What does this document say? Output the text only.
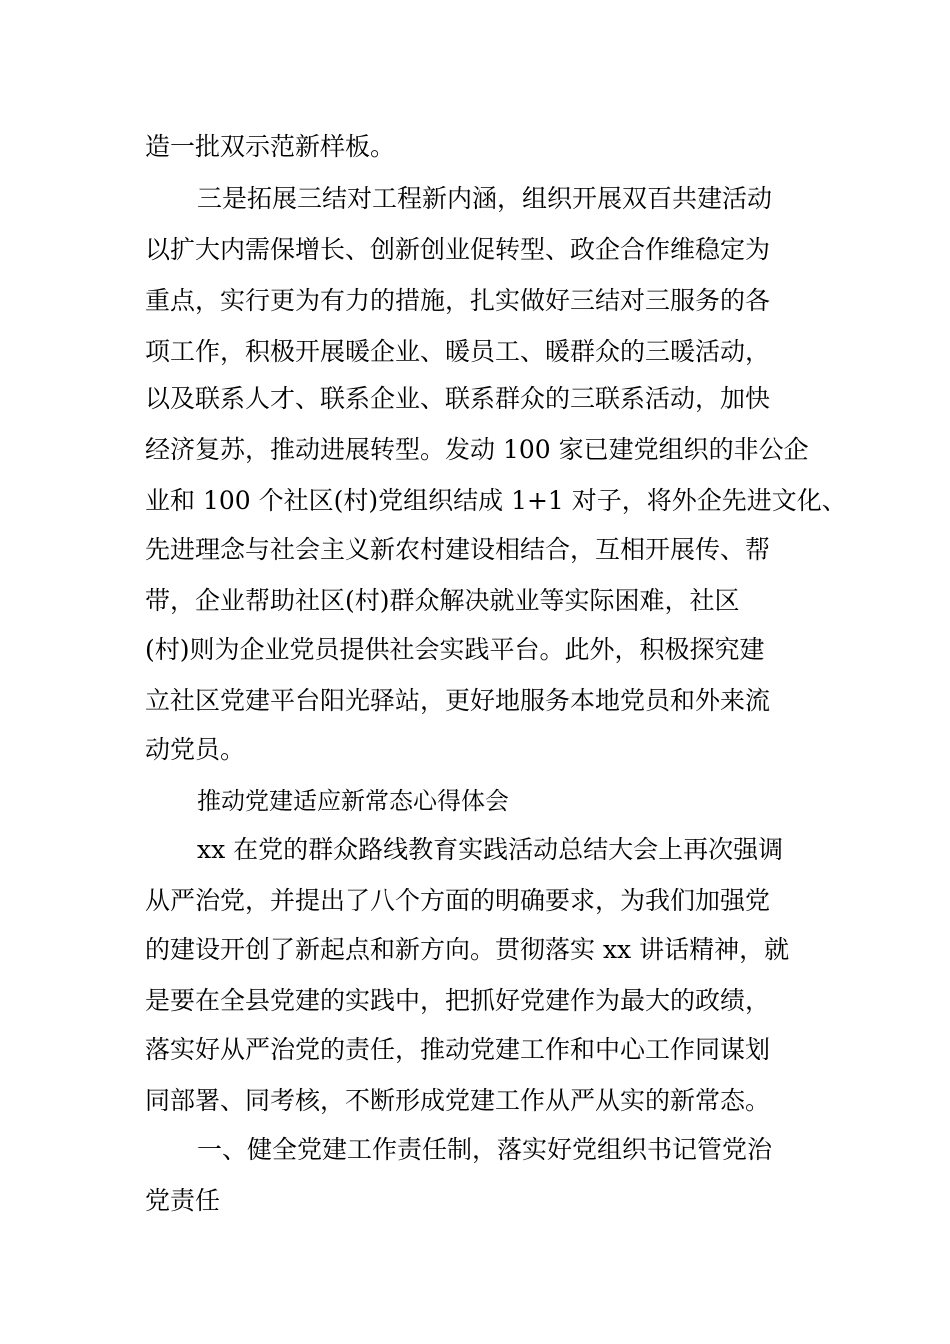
造一批双示范新样板。
三是拓展三结对工程新内涵，组织开展双百共建活动
以扩大内需保增长、创新创业促转型、政企合作维稳定为
重点，实行更为有力的措施，扎实做好三结对三服务的各
项工作，积极开展暖企业、暖员工、暖群众的三暖活动，
以及联系人才、联系企业、联系群众的三联系活动，加快
经济复苏，推动进展转型。发动 100 家已建党组织的非公企
业和 100 个社区(村)党组织结成 1+1 对子，将外企先进文化、
先进理念与社会主义新农村建设相结合，互相开展传、帮
带，企业帮助社区(村)群众解决就业等实际困难，社区
(村)则为企业党员提供社会实践平台。此外，积极探究建
立社区党建平台阳光驿站，更好地服务本地党员和外来流
动党员。
推动党建适应新常态心得体会
xx 在党的群众路线教育实践活动总结大会上再次强调
从严治党，并提出了八个方面的明确要求，为我们加强党
的建设开创了新起点和新方向。贯彻落实 xx 讲话精神，就
是要在全县党建的实践中，把抓好党建作为最大的政绩，
落实好从严治党的责任，推动党建工作和中心工作同谋划
同部署、同考核，不断形成党建工作从严从实的新常态。
一、健全党建工作责任制，落实好党组织书记管党治
党责任
